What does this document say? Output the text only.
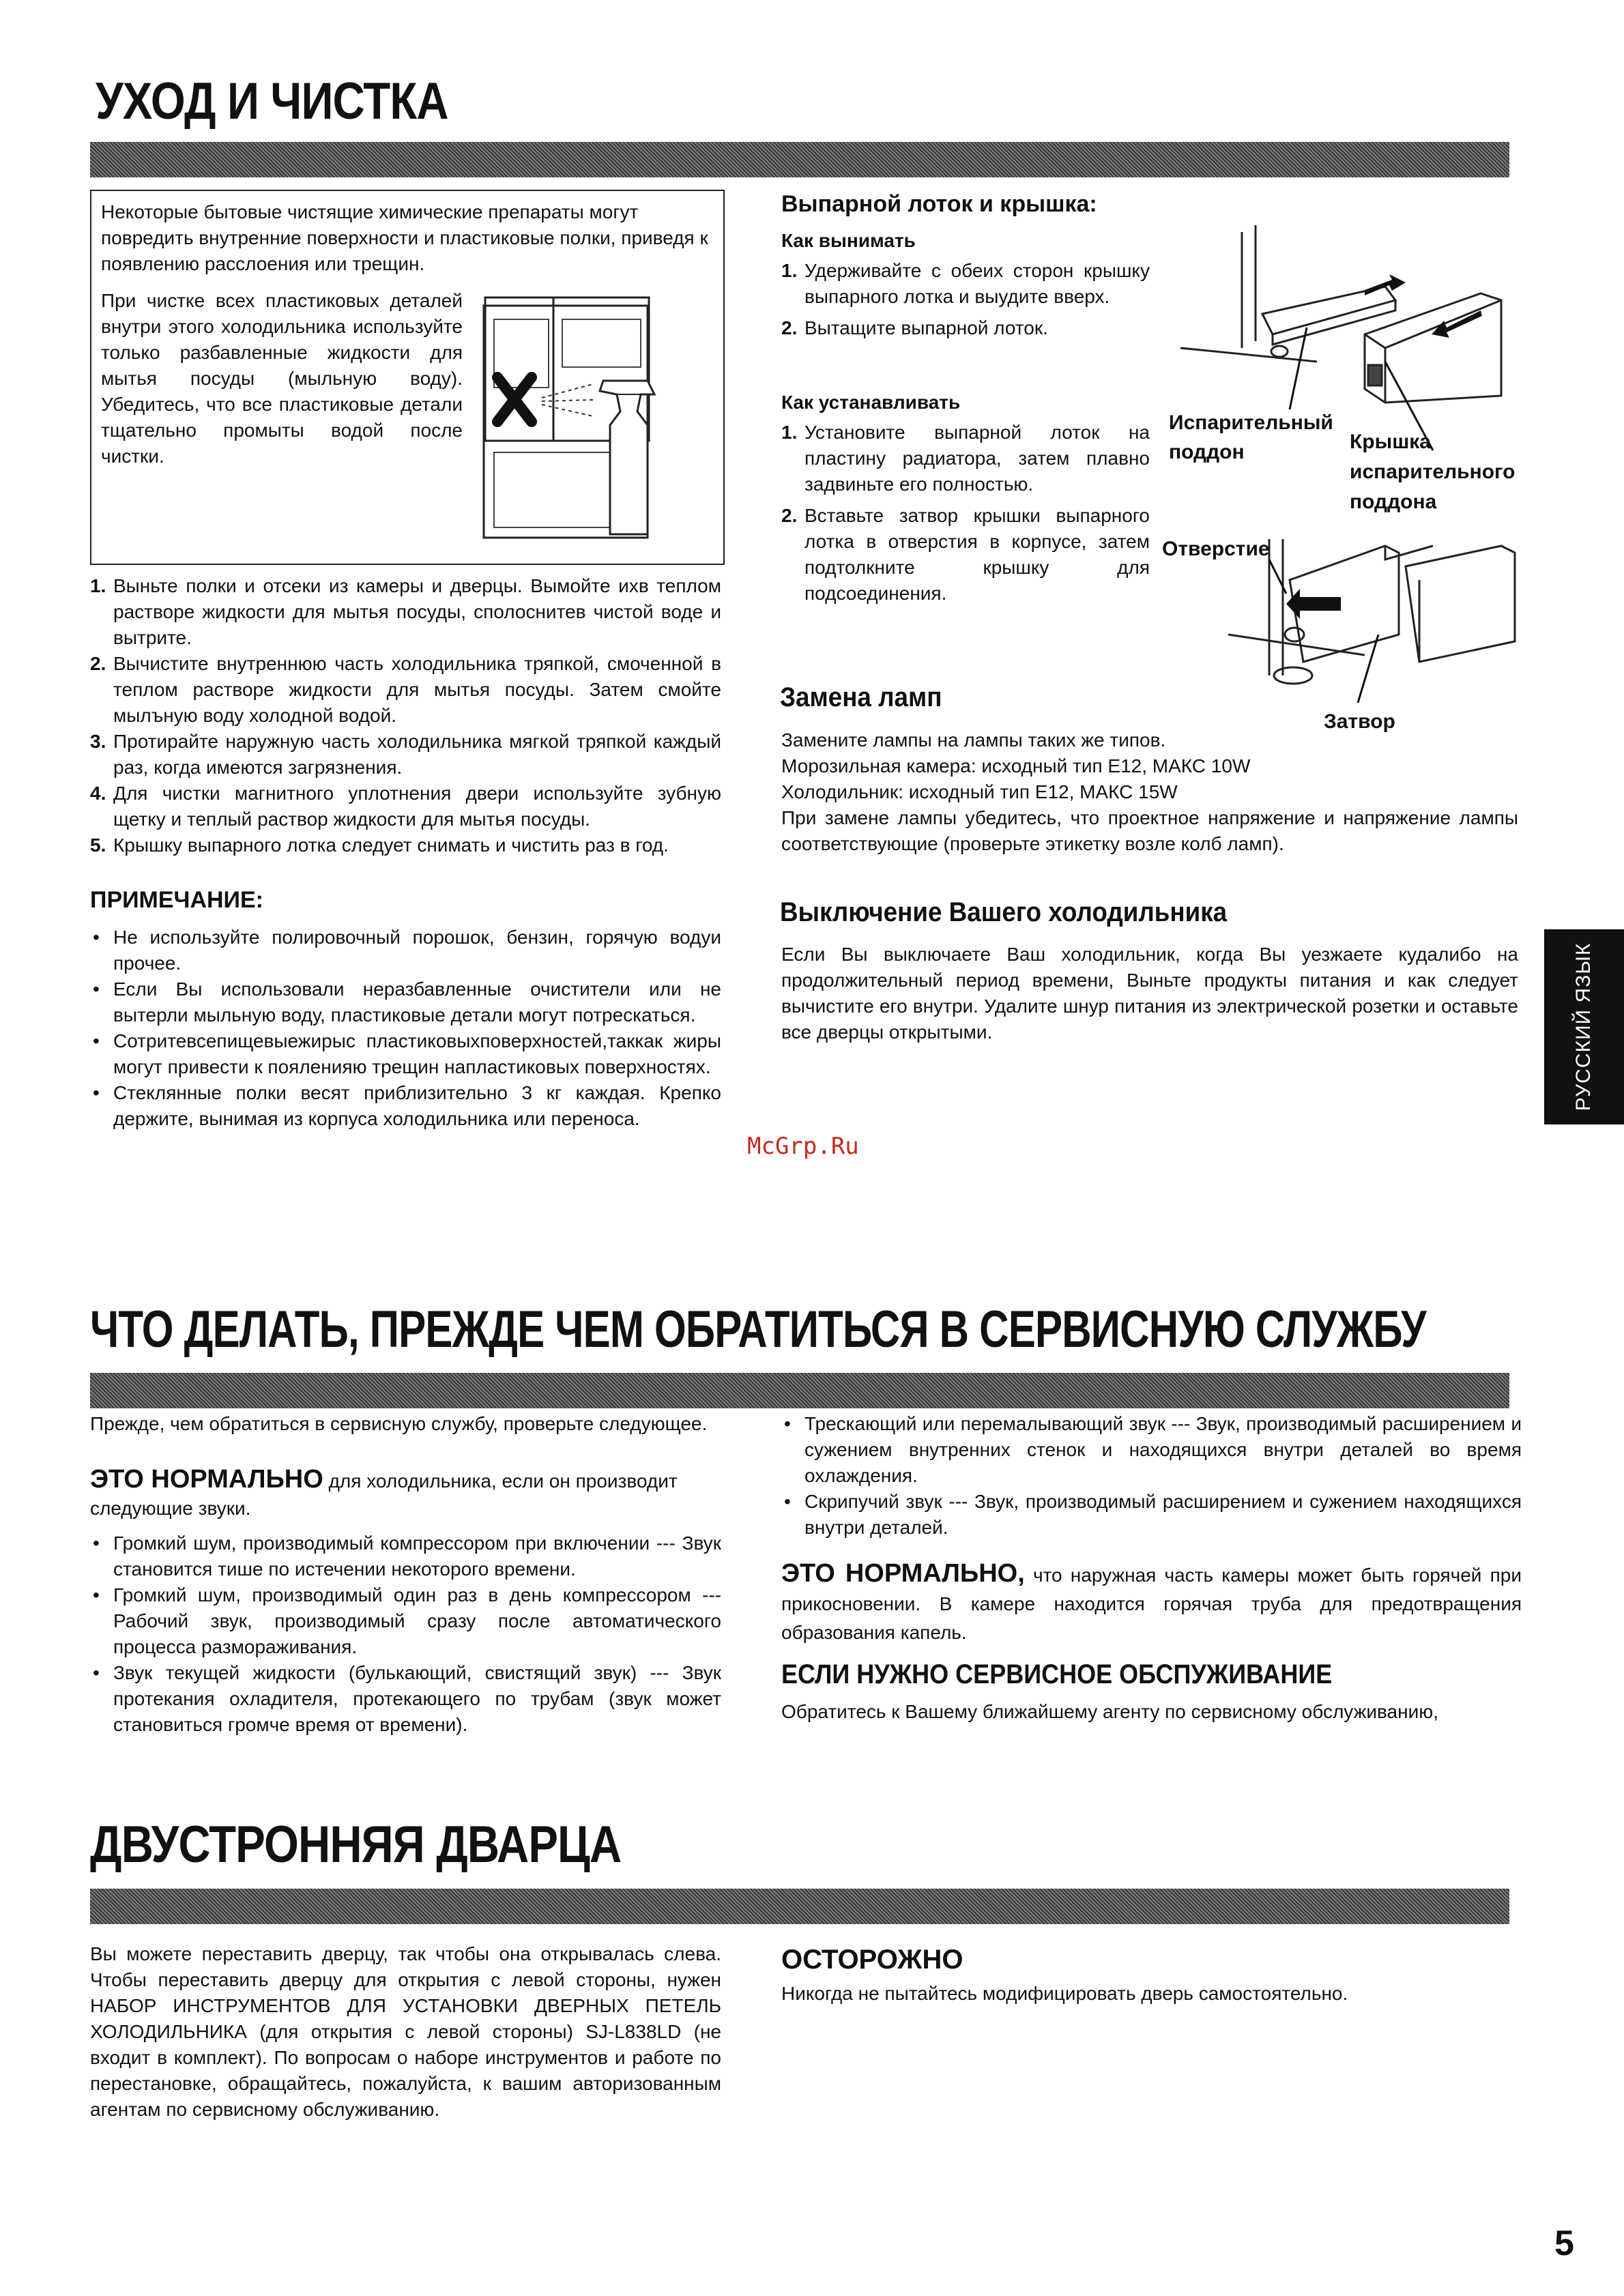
УХОД И ЧИСТКА

Некоторые бытовые чистящие химические препараты могут повредить внутренние поверхности и пластиковые полки, приведя к появлению расслоения или трещин.

При чистке всех пластиковых деталей внутри этого холодильника используйте только разбавленные жидкости для мытья посуды (мыльную воду). Убедитесь, что все пластиковые детали тщательно промыты водой после чистки.

1. Выньте полки и отсеки из камеры и дверцы. Вымойте ихв теплом растворе жидкости для мытья посуды, сполоснитев чистой воде и вытрите.
2. Вычистите внутреннюю часть холодильника тряпкой, смоченной в теплом растворе жидкости для мытья посуды. Затем смойте мылъную воду холодной водой.
3. Протирайте наружную часть холодильника мягкой тряпкой каждый раз, когда имеются загрязнения.
4. Для чистки магнитного уплотнения двери используйте зубную щетку и теплый раствор жидкости для мытья посуды.
5. Крышку выпарного лотка следует снимать и чистить раз в год.

ПРИМЕЧАНИЕ:

• Не используйте полировочный порошок, бензин, горячую водуи прочее.
• Если Вы использовали неразбавленные очистители или не вытерли мыльную воду, пластиковые детали могут потрескаться.
• Сотритевсепищевыежирыс пластиковыхповерхностей,таккак жиры могут привести к пояленияю трещин напластиковых поверхностях.
• Стеклянные полки весят приблизительно 3 кг каждая. Крепко держите, вынимая из корпуса холодильника или переноса.

Выпарной лоток и крышка:

Как вынимать

1. Удерживайте с обеих сторон крышку выпарного лотка и выудите вверх.
2. Вытащите выпарной лоток.

Как устанавливать

1. Установите выпарной лоток на пластину радиатора, затем плавно задвиньте его полностью.
2. Вставьте затвор крышки выпарного лотка в отверстия в корпусе, затем подтолкните крышку для подсоединения.
Испарительный
поддон	Крышка
испарительного
поддона
Отверстие
Затвор

Замена ламп

Замените лампы на лампы таких же типов.

Морозильная камера: исходный тип E12, МАКС 10W

Холодильник: исходный тип E12, МАКС 15W

При замене лампы убедитесь, что проектное напряжение и напряжение лампы соответствующие (проверьте этикетку возле колб ламп).

Выключение Вашего холодильника

Если Вы выключаете Ваш холодильник, когда Вы уезжаете кудалибо на продолжительный период времени, Выньте продукты питания и как следует вычистите его внутри. Удалите шнур питания из электрической розетки и оставьте все дверцы открытыми.	РУССКИЙ ЯЗЫК
McGrp.Ru
ЧТО ДЕЛАТЬ, ПРЕЖДЕ ЧЕМ ОБРАТИТЬСЯ В СЕРВИСНУЮ СЛУЖБУ

Прежде, чем обратиться в сервисную службу, проверьте следующее.

ЭТО НОРМАЛЬНО для холодильника, если он производит следующие звуки.

• Громкий шум, производимый компрессором при включении --- Звук становится тише по истечении некоторого времени.
• Громкий шум, производимый один раз в день компрессором --- Рабочий звук, производимый сразу после автоматического процесса размораживания.
• Звук текущей жидкости (булькающий, свистящий звук) --- Звук протекания охладителя, протекающего по трубам (звук может становиться громче время от времени).
• Трескающий или перемалывающий звук --- Звук, производимый расширением и сужением внутренних стенок и находящихся внутри деталей во время охлаждения.
• Скрипучий звук --- Звук, производимый расширением и сужением находящихся внутри деталей.

ЭТО НОРМАЛЬНО, что наружная часть камеры может быть горячей при прикосновении. В камере находится горячая труба для предотвращения образования капель.

ЕСЛИ НУЖНО СЕРВИСНОЕ ОБСПУЖИВАНИЕ

Обратитесь к Вашему ближайшему агенту по сервисному обслуживанию,

ДВУСТРОННЯЯ ДВАРЦА

Вы можете переставить дверцу, так чтобы она открывалась слева. Чтобы переставить дверцу для открытия с левой стороны, нужен НАБОР ИНСТРУМЕНТОВ ДЛЯ УСТАНОВКИ ДВЕРНЫХ ПЕТЕЛЬ ХОЛОДИЛЬНИКА (для открытия с левой стороны) SJ-L838LD (не входит в комплект). По вопросам о наборе инструментов и работе по перестановке, обращайтесь, пожалуйста, к вашим авторизованным агентам по сервисному обслуживанию.

ОСТОРОЖНО

Никогда не пытайтесь модифицировать дверь самостоятельно.

5
